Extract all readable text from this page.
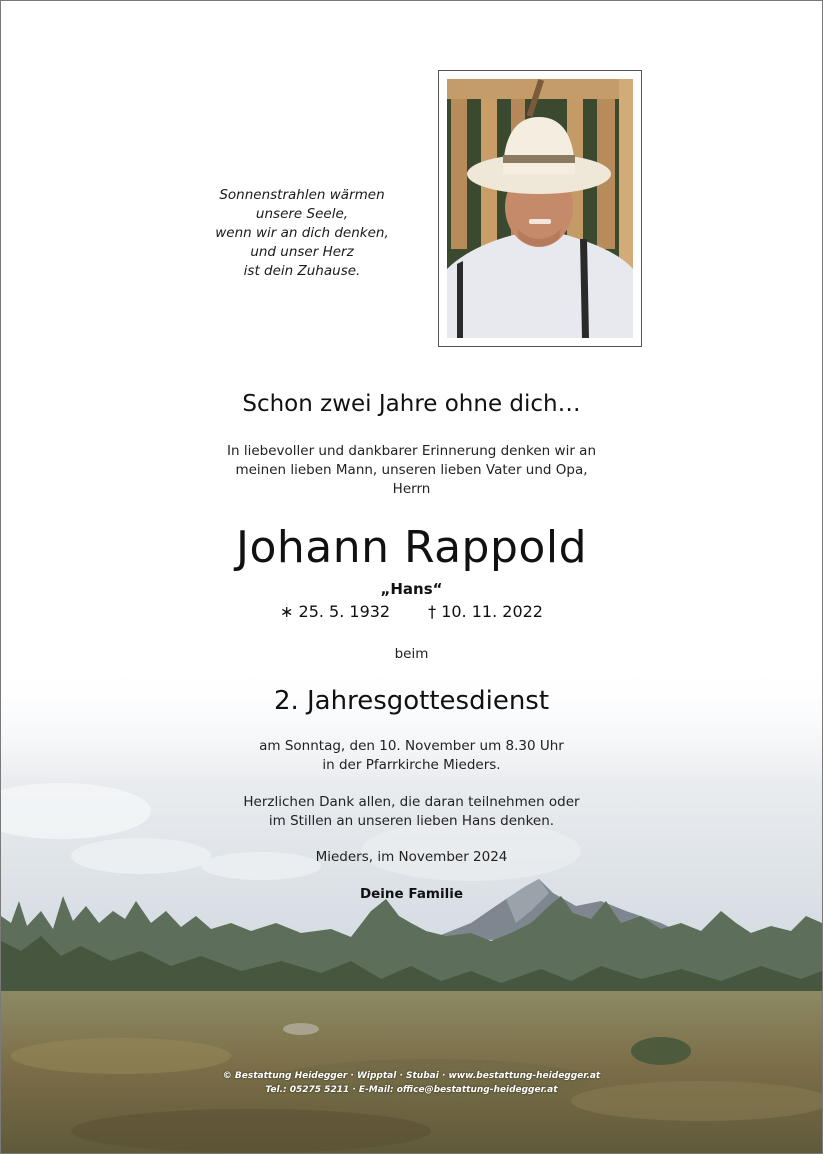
Sonnenstrahlen wärmen
unsere Seele,
wenn wir an dich denken,
und unser Herz
ist dein Zuhause.
Schon zwei Jahre ohne dich…
In liebevoller und dankbarer Erinnerung denken wir an
meinen lieben Mann, unseren lieben Vater und Opa,
Herrn
Johann Rappold
„Hans“
∗ 25. 5. 1932 † 10. 11. 2022
beim
2. Jahresgottesdienst
am Sonntag, den 10. November um 8.30 Uhr
in der Pfarrkirche Mieders.
Herzlichen Dank allen, die daran teilnehmen oder
im Stillen an unseren lieben Hans denken.
Mieders, im November 2024
Deine Familie
© Bestattung Heidegger · Wipptal · Stubai · www.bestattung-heidegger.at
Tel.: 05275 5211 · E-Mail: office@bestattung-heidegger.at
